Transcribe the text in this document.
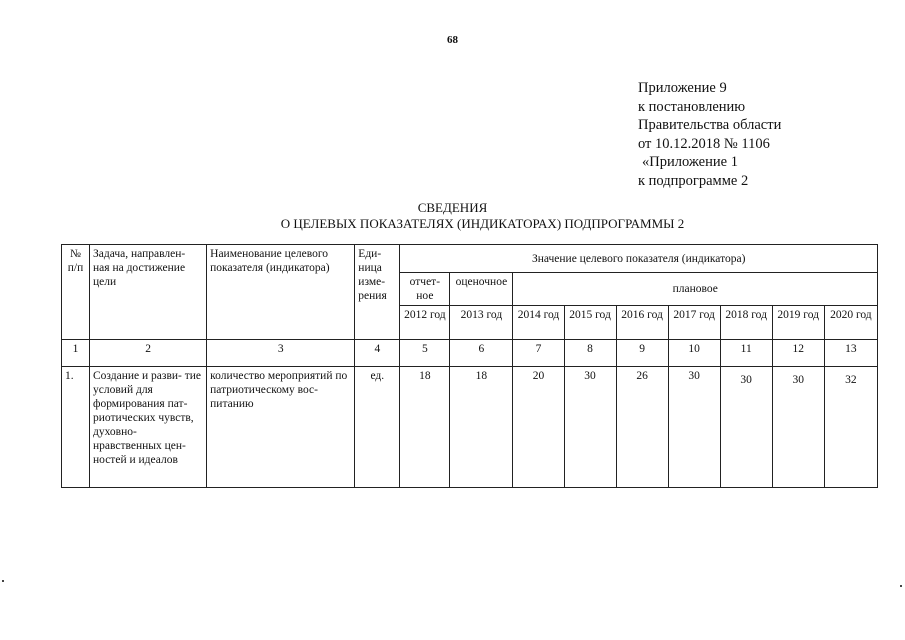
68
Приложение 9
к постановлению
Правительства области
от 10.12.2018 № 1106
«Приложение 1
к подпрограмме 2
СВЕДЕНИЯ
О ЦЕЛЕВЫХ ПОКАЗАТЕЛЯХ (ИНДИКАТОРАХ) ПОДПРОГРАММЫ 2
№ п/п	Задача, направлен- ная на достижение цели	Наименование целевого показателя (индикатора)	Еди- ница изме- рения	Значение целевого показателя (индикатора)								
				отчет- ное	оценочное	плановое						
				2012 год	2013 год	2014 год	2015 год	2016 год	2017 год	2018 год	2019 год	2020 год
1	2	3	4	5	6	7	8	9	10	11	12	13
1.	Создание и разви- тие условий для формирования пат- риотических чувств, духовно- нравственных цен- ностей и идеалов	количество мероприятий по патриотическому вос- питанию	ед.	18	18	20	30	26	30	30	30	32
